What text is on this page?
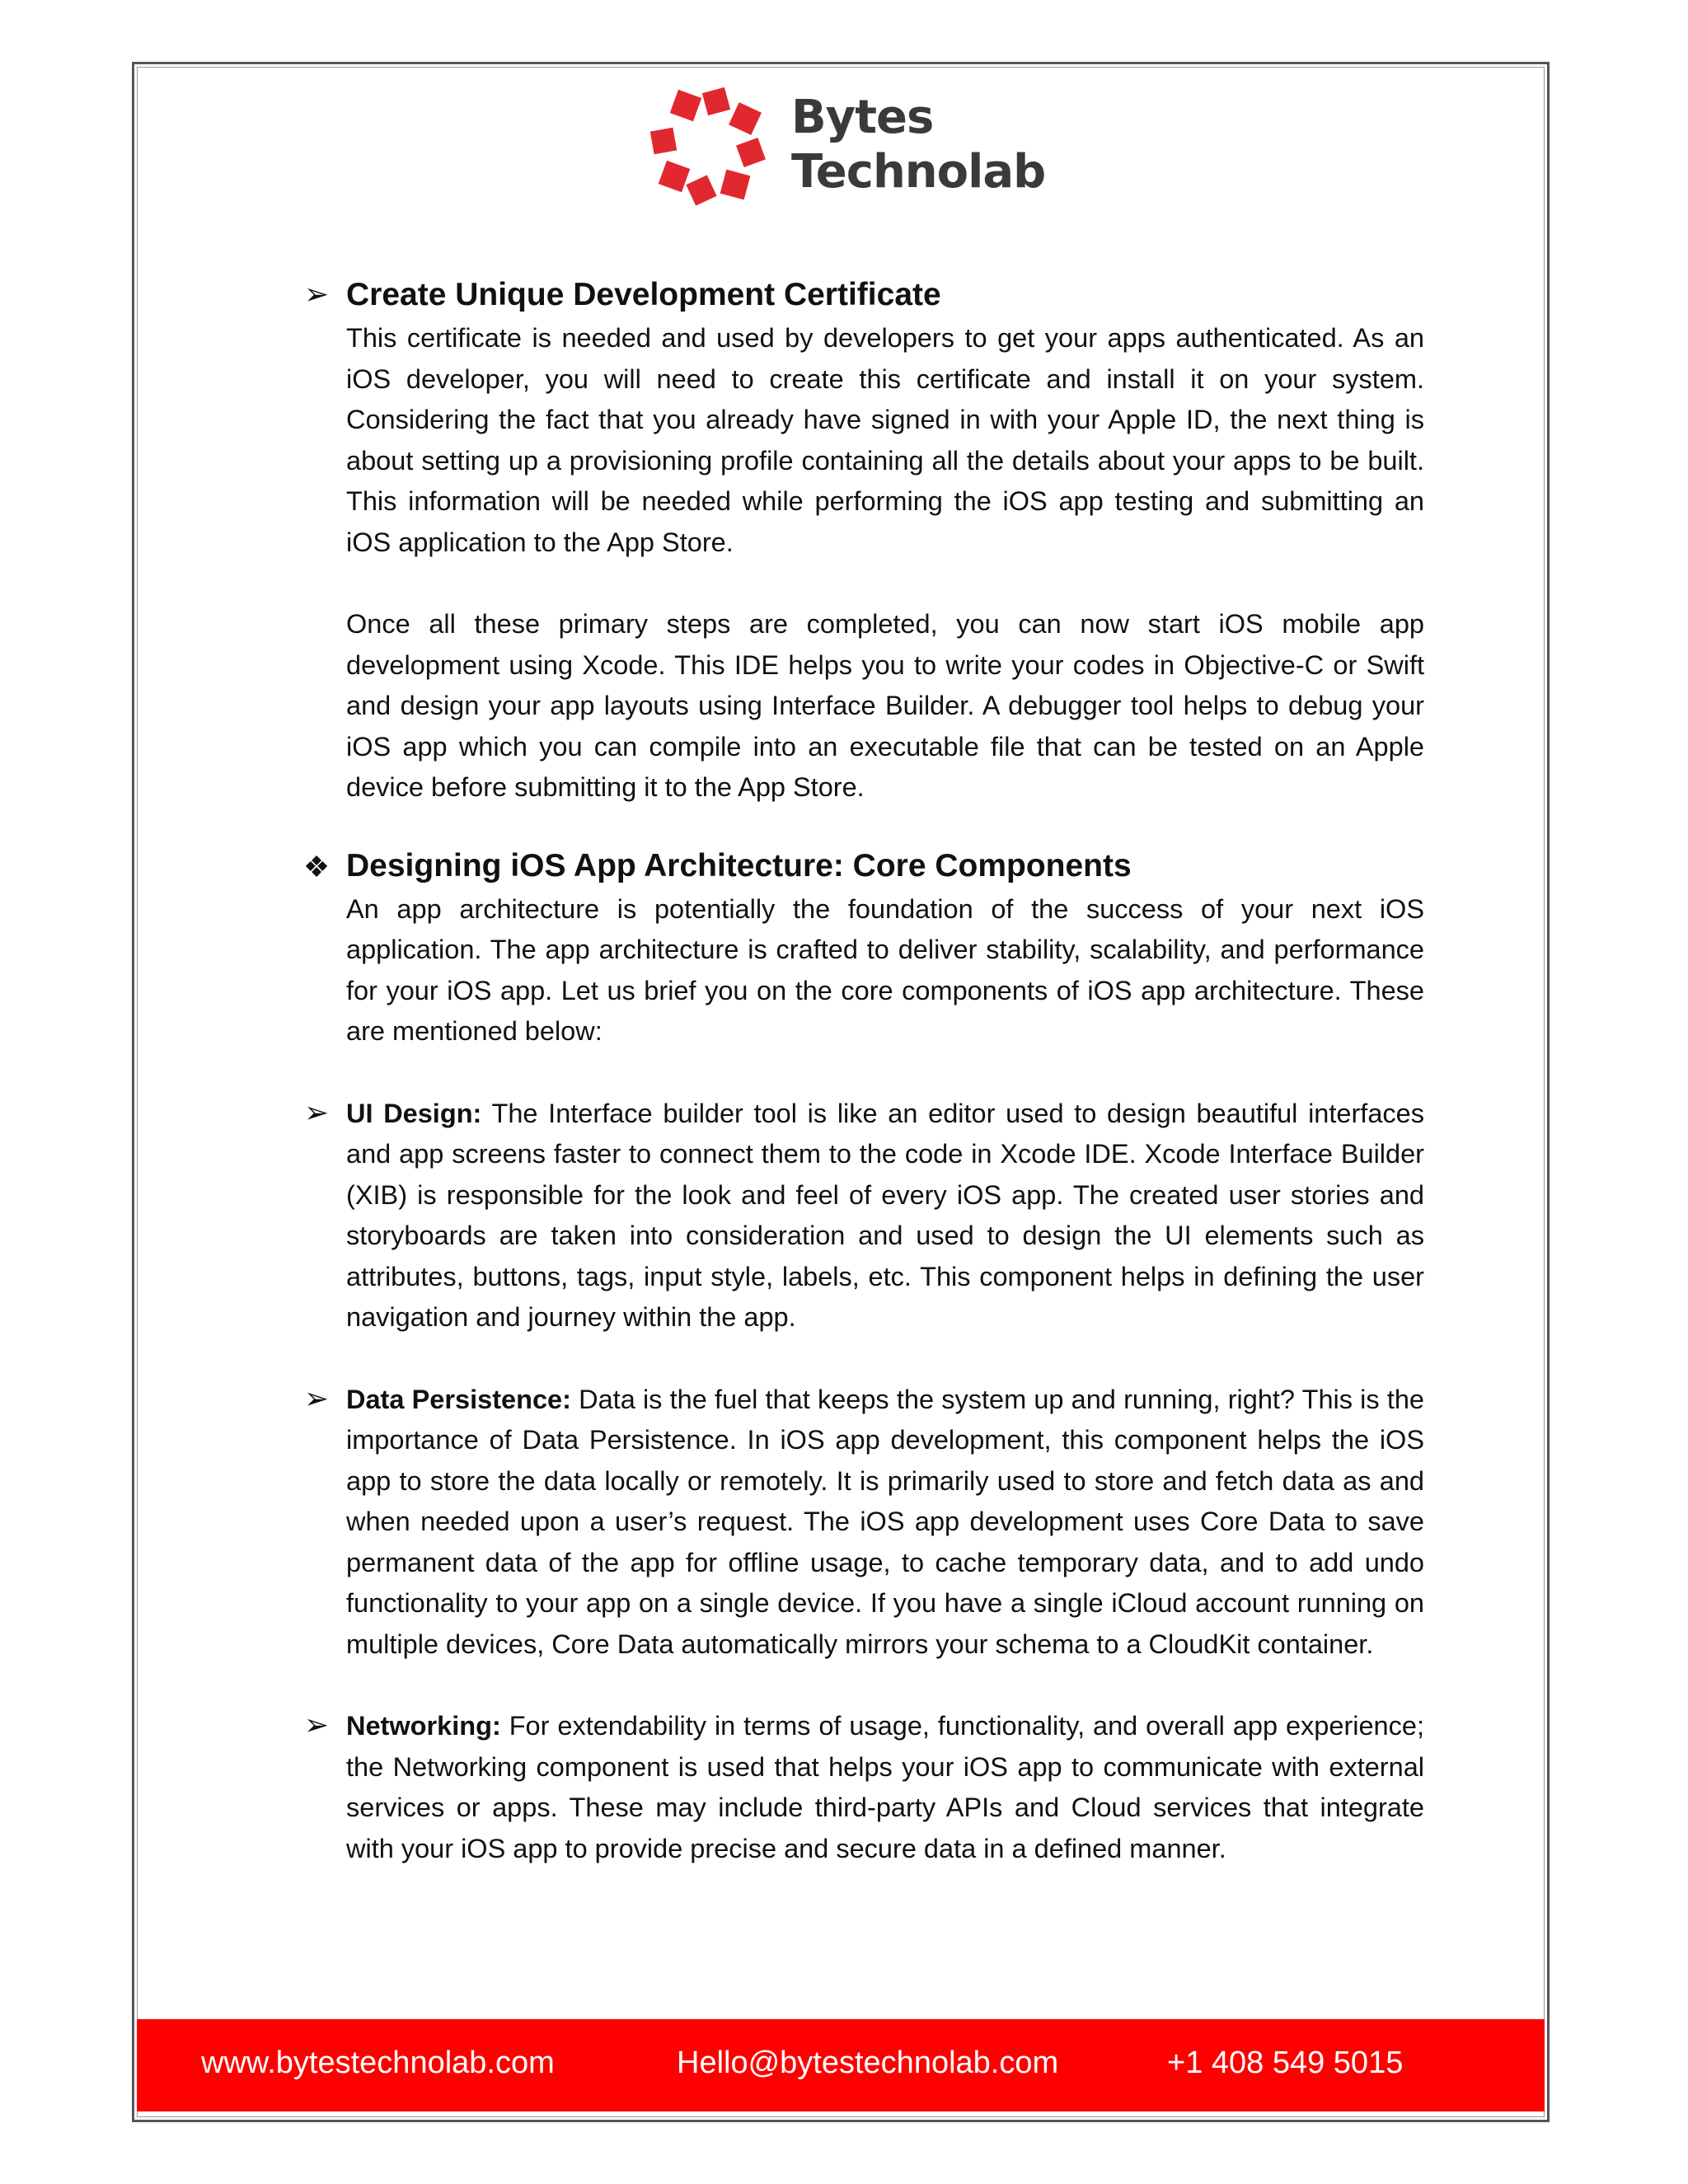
Bytes
Technolab
➢ Create Unique Development Certificate

This certificate is needed and used by developers to get your apps authenticated. As an iOS developer, you will need to create this certificate and install it on your system. Considering the fact that you already have signed in with your Apple ID, the next thing is about setting up a provisioning profile containing all the details about your apps to be built. This information will be needed while performing the iOS app testing and submitting an iOS application to the App Store.

Once all these primary steps are completed, you can now start iOS mobile app development using Xcode. This IDE helps you to write your codes in Objective-C or Swift and design your app layouts using Interface Builder. A debugger tool helps to debug your iOS app which you can compile into an executable file that can be tested on an Apple device before submitting it to the App Store.

❖ Designing iOS App Architecture: Core Components

An app architecture is potentially the foundation of the success of your next iOS application. The app architecture is crafted to deliver stability, scalability, and performance for your iOS app. Let us brief you on the core components of iOS app architecture. These are mentioned below:

➢ UI Design: The Interface builder tool is like an editor used to design beautiful interfaces and app screens faster to connect them to the code in Xcode IDE. Xcode Interface Builder (XIB) is responsible for the look and feel of every iOS app. The created user stories and storyboards are taken into consideration and used to design the UI elements such as attributes, buttons, tags, input style, labels, etc. This component helps in defining the user navigation and journey within the app.

➢ Data Persistence: Data is the fuel that keeps the system up and running, right? This is the importance of Data Persistence. In iOS app development, this component helps the iOS app to store the data locally or remotely. It is primarily used to store and fetch data as and when needed upon a user’s request. The iOS app development uses Core Data to save permanent data of the app for offline usage, to cache temporary data, and to add undo functionality to your app on a single device. If you have a single iCloud account running on multiple devices, Core Data automatically mirrors your schema to a CloudKit container.

➢ Networking: For extendability in terms of usage, functionality, and overall app experience; the Networking component is used that helps your iOS app to communicate with external services or apps. These may include third-party APIs and Cloud services that integrate with your iOS app to provide precise and secure data in a defined manner.

www.bytestechnolab.com	Hello@bytestechnolab.com	+1 408 549 5015
